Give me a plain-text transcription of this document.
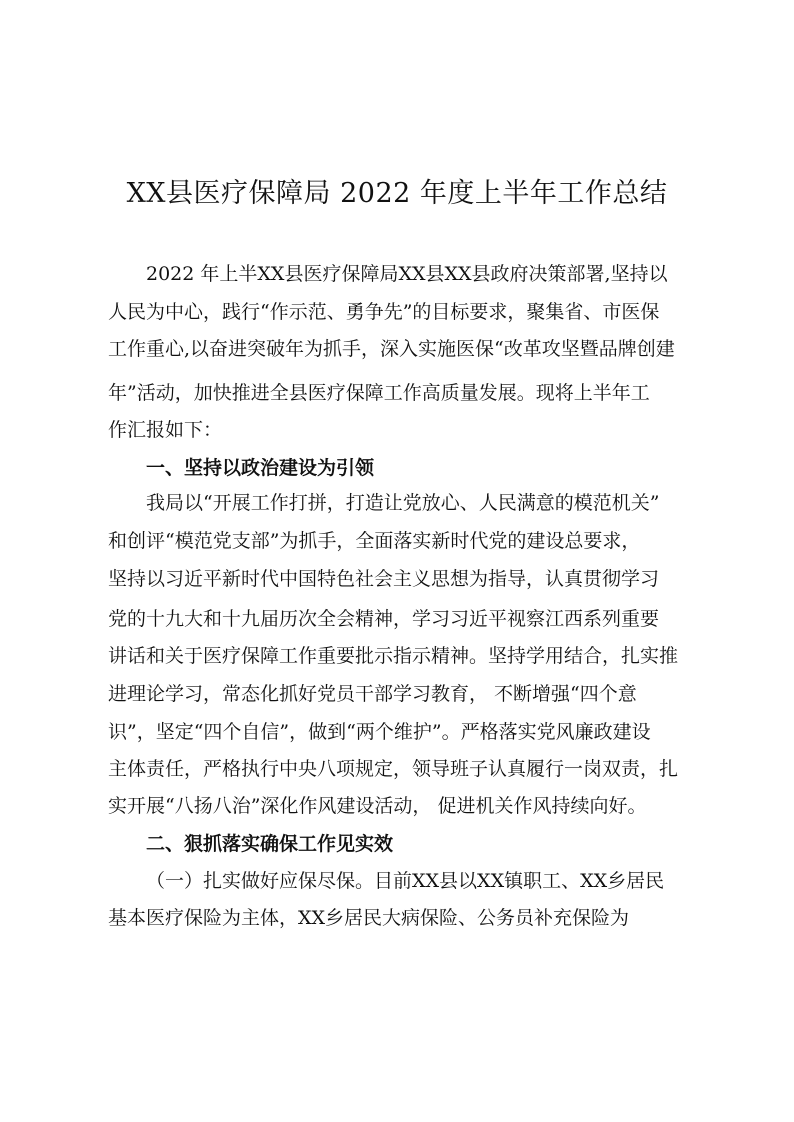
XX县医疗保障局 2022 年度上半年工作总结
2022 年上半XX县医疗保障局XX县XX县政府决策部署,坚持以
人民为中心，践行“作示范、勇争先”的目标要求，聚集省、市医保
工作重心,以奋进突破年为抓手，深入实施医保“改革攻坚暨品牌创建
年”活动，加快推进全县医疗保障工作高质量发展。现将上半年工
作汇报如下：
一、坚持以政治建设为引领
我局以“开展工作打拼，打造让党放心、人民满意的模范机关”
和创评“模范党支部”为抓手，全面落实新时代党的建设总要求，
坚持以习近平新时代中国特色社会主义思想为指导，认真贯彻学习
党的十九大和十九届历次全会精神，学习习近平视察江西系列重要
讲话和关于医疗保障工作重要批示指示精神。坚持学用结合，扎实推
进理论学习，常态化抓好党员干部学习教育， 不断增强“四个意
识”，坚定“四个自信”，做到“两个维护”。严格落实党风廉政建设
主体责任，严格执行中央八项规定，领导班子认真履行一岗双责，扎
实开展“八扬八治”深化作风建设活动， 促进机关作风持续向好。
二、狠抓落实确保工作见实效
（一）扎实做好应保尽保。目前XX县以XX镇职工、XX乡居民
基本医疗保险为主体，XX乡居民大病保险、公务员补充保险为
